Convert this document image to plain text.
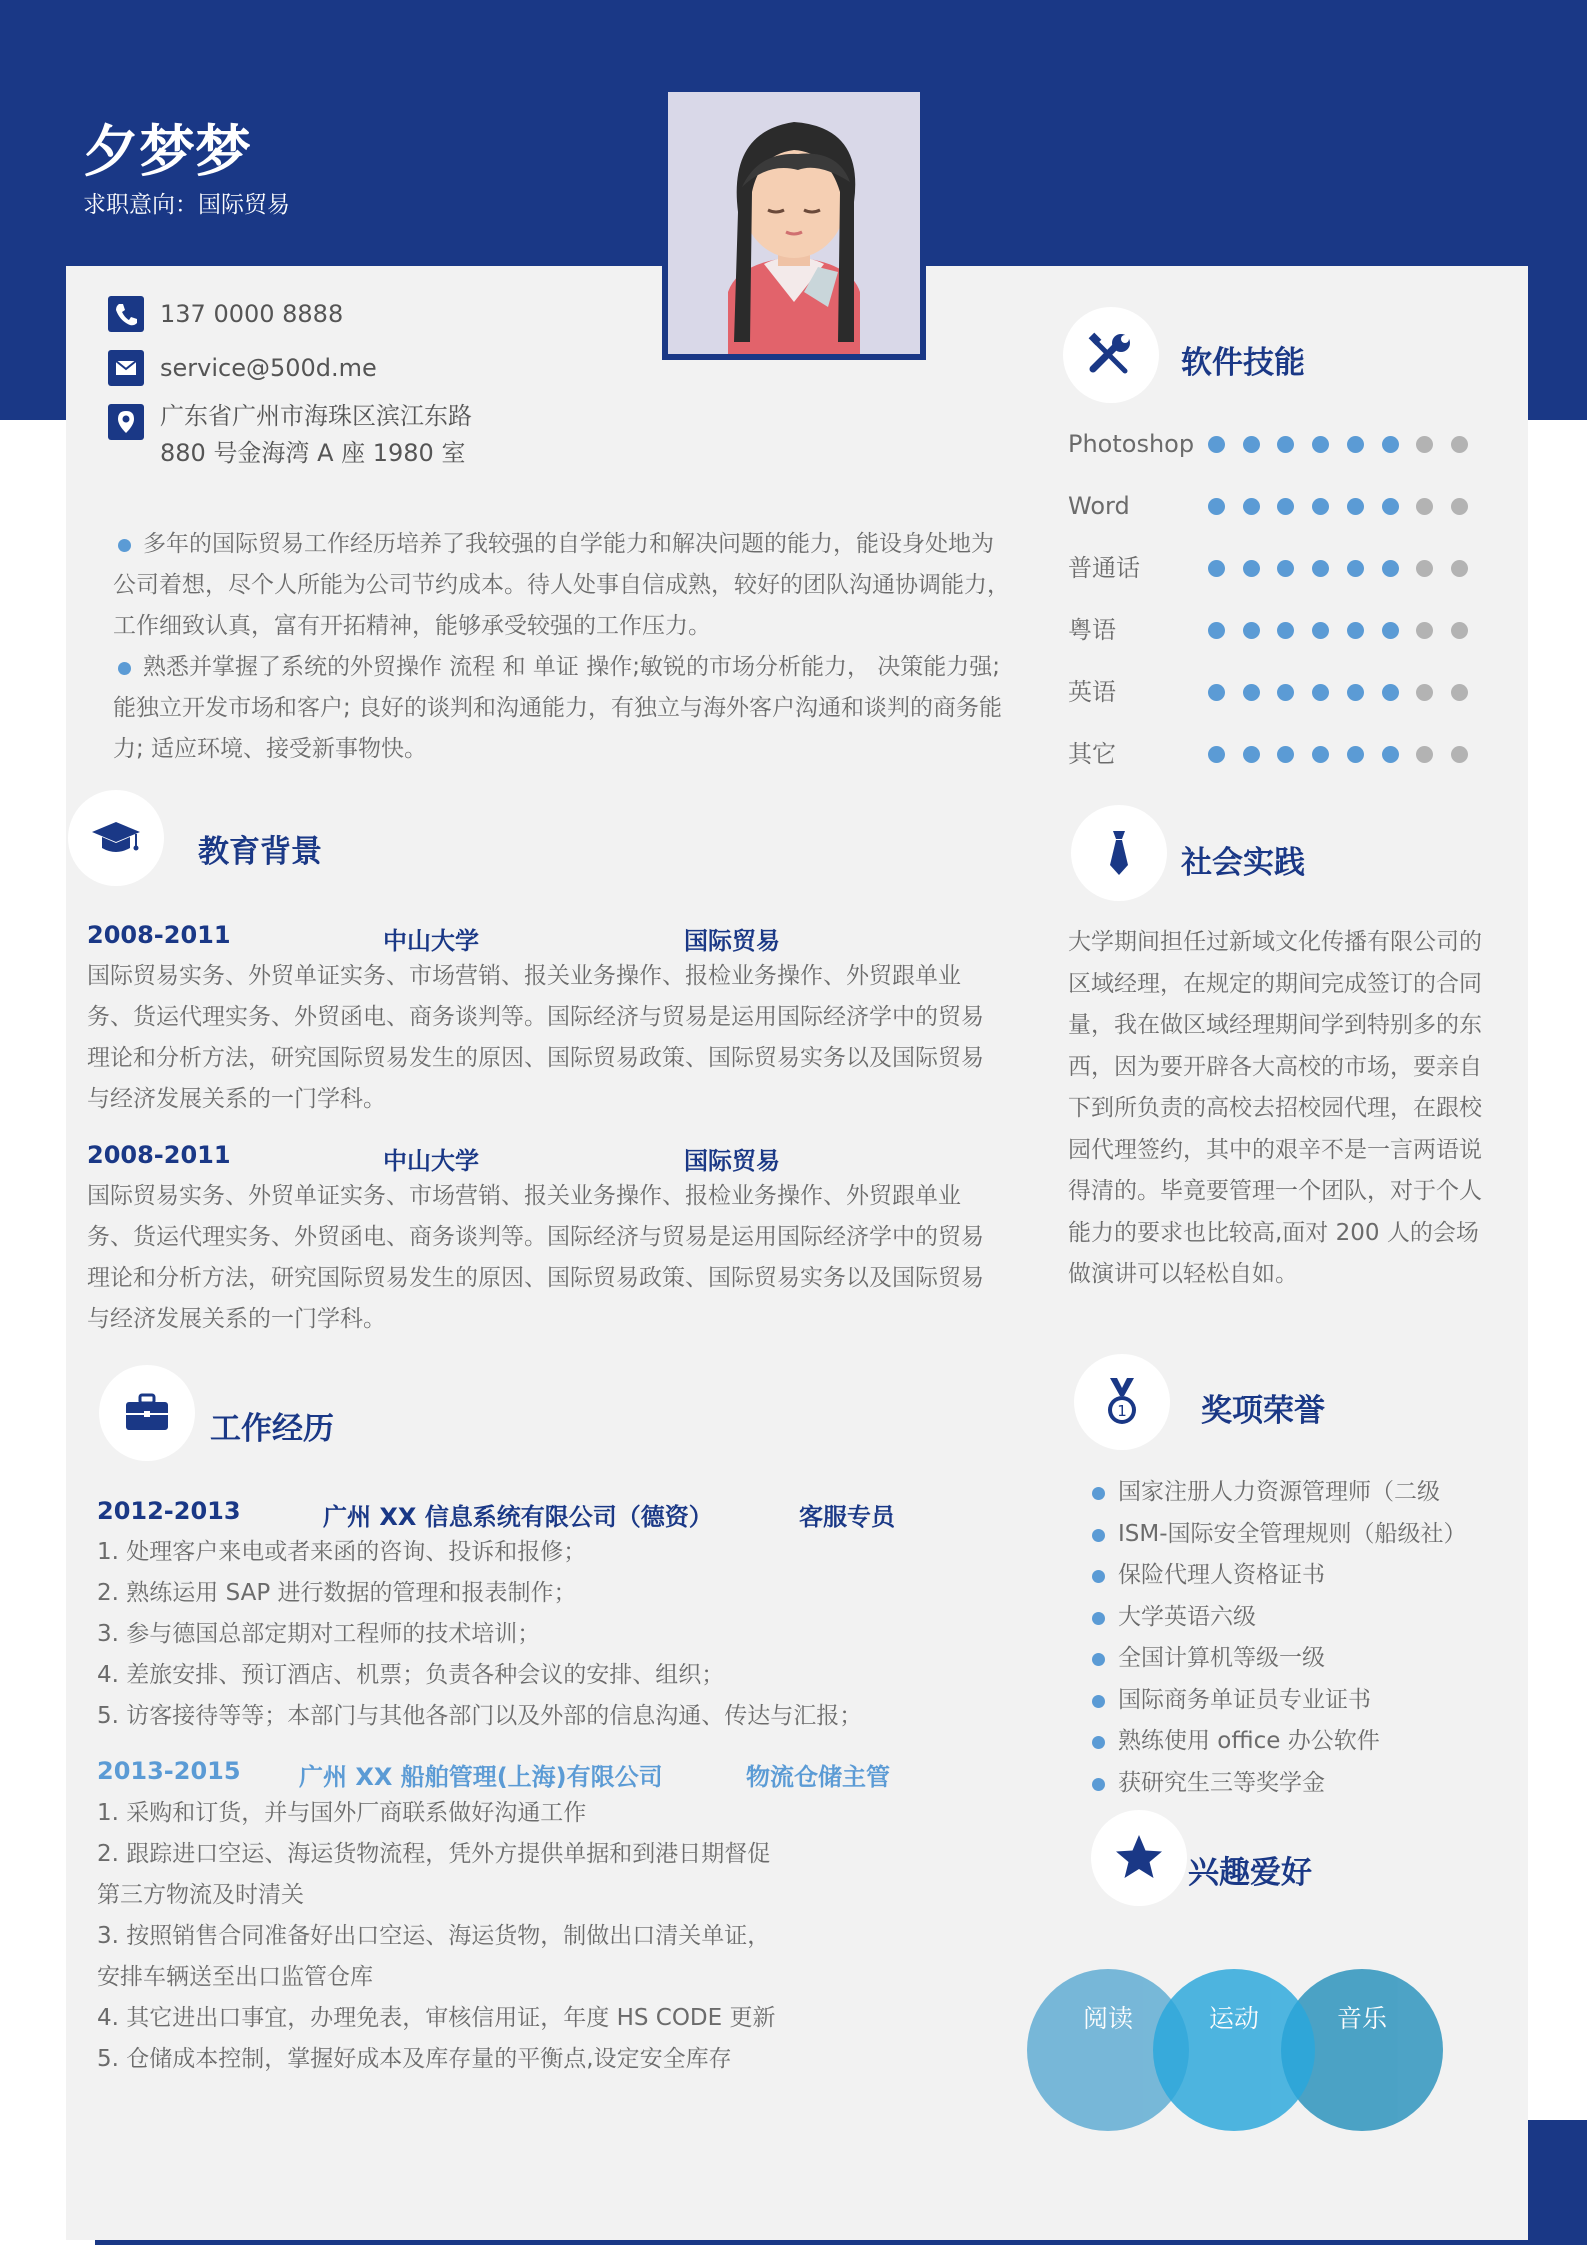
夕梦梦
求职意向：国际贸易
137 0000 8888
service@500d.me
广东省广州市海珠区滨江东路
880 号金海湾 A 座 1980 室

多年的国际贸易工作经历培养了我较强的自学能力和解决问题的能力，能设身处地为公司着想，尽个人所能为公司节约成本。待人处事自信成熟，较好的团队沟通协调能力，工作细致认真，富有开拓精神，能够承受较强的工作压力。

熟悉并掌握了系统的外贸操作 流程 和 单证 操作;敏锐的市场分析能力， 决策能力强;能独立开发市场和客户; 良好的谈判和沟通能力，有独立与海外客户沟通和谈判的商务能力; 适应环境、接受新事物快。

教育背景
2008-2011	中山大学	国际贸易

国际贸易实务、外贸单证实务、市场营销、报关业务操作、报检业务操作、外贸跟单业务、货运代理实务、外贸函电、商务谈判等。国际经济与贸易是运用国际经济学中的贸易理论和分析方法，研究国际贸易发生的原因、国际贸易政策、国际贸易实务以及国际贸易与经济发展关系的一门学科。

2008-2011	中山大学	国际贸易

国际贸易实务、外贸单证实务、市场营销、报关业务操作、报检业务操作、外贸跟单业务、货运代理实务、外贸函电、商务谈判等。国际经济与贸易是运用国际经济学中的贸易理论和分析方法，研究国际贸易发生的原因、国际贸易政策、国际贸易实务以及国际贸易与经济发展关系的一门学科。

工作经历
2012-2013	广州 XX 信息系统有限公司（德资）	客服专员
1. 处理客户来电或者来函的咨询、投诉和报修；
2. 熟练运用 SAP 进行数据的管理和报表制作；
3. 参与德国总部定期对工程师的技术培训；
4. 差旅安排、预订酒店、机票；负责各种会议的安排、组织；
5. 访客接待等等；本部门与其他各部门以及外部的信息沟通、传达与汇报；
2013-2015 广州 XX 船舶管理(上海)有限公司	物流仓储主管
1. 采购和订货，并与国外厂商联系做好沟通工作
2. 跟踪进口空运、海运货物流程，凭外方提供单据和到港日期督促
第三方物流及时清关
3. 按照销售合同准备好出口空运、海运货物，制做出口清关单证，
安排车辆送至出口监管仓库
4. 其它进出口事宜，办理免表，审核信用证，年度 HS CODE 更新
5. 仓储成本控制，掌握好成本及库存量的平衡点,设定安全库存
软件技能
Photoshop
Word
普通话
粤语
英语
其它
社会实践
大学期间担任过新域文化传播有限公司的区域经理，在规定的期间完成签订的合同量，我在做区域经理期间学到特别多的东西，因为要开辟各大高校的市场，要亲自下到所负责的高校去招校园代理，在跟校园代理签约，其中的艰辛不是一言两语说得清的。毕竟要管理一个团队，对于个人能力的要求也比较高,面对 200 人的会场做演讲可以轻松自如。
1 奖项荣誉
国家注册人力资源管理师（二级
ISM-国际安全管理规则（船级社）
保险代理人资格证书
大学英语六级
全国计算机等级一级
国际商务单证员专业证书
熟练使用 office 办公软件
获研究生三等奖学金
兴趣爱好
阅读	音乐
运动
